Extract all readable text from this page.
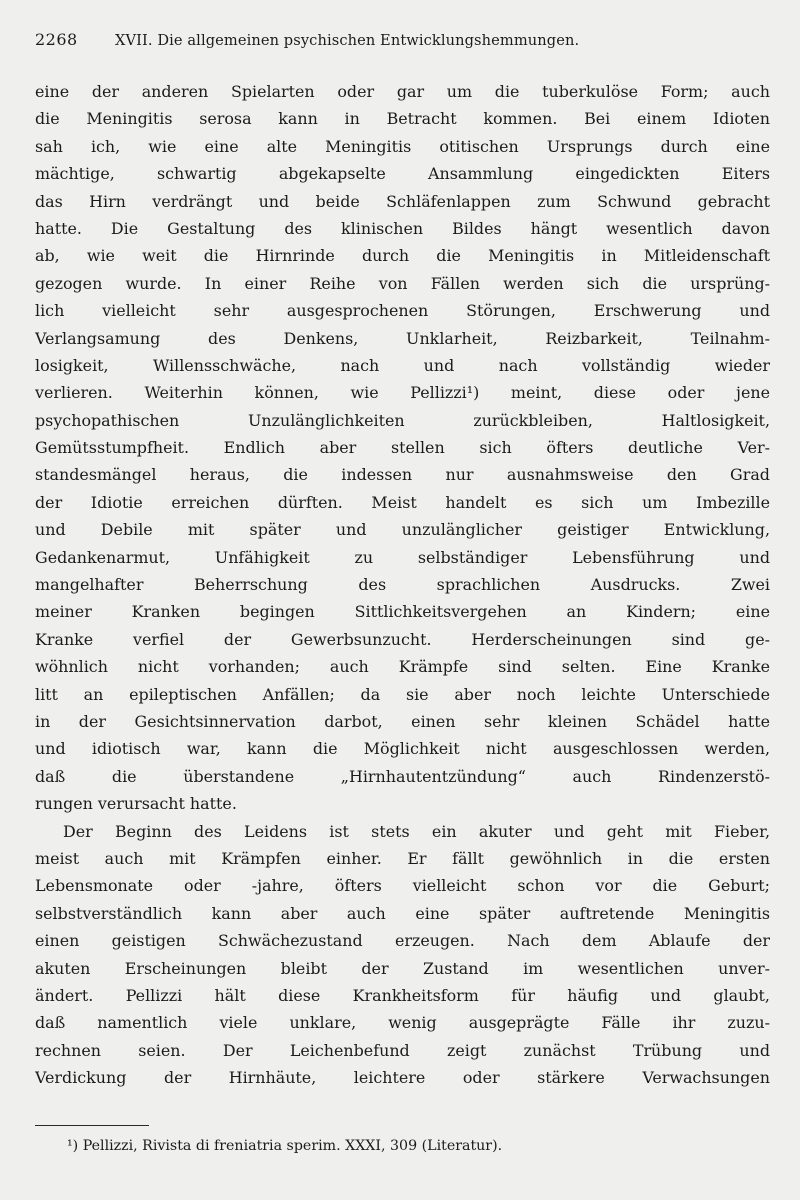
2268	XVII. Die allgemeinen psychischen Entwicklungshemmungen.
eine der anderen Spielarten oder gar um die tuberkulöse Form; auch
die Meningitis serosa kann in Betracht kommen. Bei einem Idioten
sah ich, wie eine alte Meningitis otitischen Ursprungs durch eine
mächtige, schwartig abgekapselte Ansammlung eingedickten Eiters
das Hirn verdrängt und beide Schläfenlappen zum Schwund gebracht
hatte. Die Gestaltung des klinischen Bildes hängt wesentlich davon
ab, wie weit die Hirnrinde durch die Meningitis in Mitleidenschaft
gezogen wurde. In einer Reihe von Fällen werden sich die ursprüng-
lich vielleicht sehr ausgesprochenen Störungen, Erschwerung und
Verlangsamung des Denkens, Unklarheit, Reizbarkeit, Teilnahm-
losigkeit, Willensschwäche, nach und nach vollständig wieder
verlieren. Weiterhin können, wie Pellizzi¹) meint, diese oder jene
psychopathischen Unzulänglichkeiten zurückbleiben, Haltlosigkeit,
Gemütsstumpfheit. Endlich aber stellen sich öfters deutliche Ver-
standesmängel heraus, die indessen nur ausnahmsweise den Grad
der Idiotie erreichen dürften. Meist handelt es sich um Imbezille
und Debile mit später und unzulänglicher geistiger Entwicklung,
Gedankenarmut, Unfähigkeit zu selbständiger Lebensführung und
mangelhafter Beherrschung des sprachlichen Ausdrucks. Zwei
meiner Kranken begingen Sittlichkeitsvergehen an Kindern; eine
Kranke verfiel der Gewerbsunzucht. Herderscheinungen sind ge-
wöhnlich nicht vorhanden; auch Krämpfe sind selten. Eine Kranke
litt an epileptischen Anfällen; da sie aber noch leichte Unterschiede
in der Gesichtsinnervation darbot, einen sehr kleinen Schädel hatte
und idiotisch war, kann die Möglichkeit nicht ausgeschlossen werden,
daß die überstandene „Hirnhautentzündung“ auch Rindenzerstö-
rungen verursacht hatte.
Der Beginn des Leidens ist stets ein akuter und geht mit Fieber,
meist auch mit Krämpfen einher. Er fällt gewöhnlich in die ersten
Lebensmonate oder -jahre, öfters vielleicht schon vor die Geburt;
selbstverständlich kann aber auch eine später auftretende Meningitis
einen geistigen Schwächezustand erzeugen. Nach dem Ablaufe der
akuten Erscheinungen bleibt der Zustand im wesentlichen unver-
ändert. Pellizzi hält diese Krankheitsform für häufig und glaubt,
daß namentlich viele unklare, wenig ausgeprägte Fälle ihr zuzu-
rechnen seien. Der Leichenbefund zeigt zunächst Trübung und
Verdickung der Hirnhäute, leichtere oder stärkere Verwachsungen
¹) Pellizzi, Rivista di freniatria sperim. XXXI, 309 (Literatur).
